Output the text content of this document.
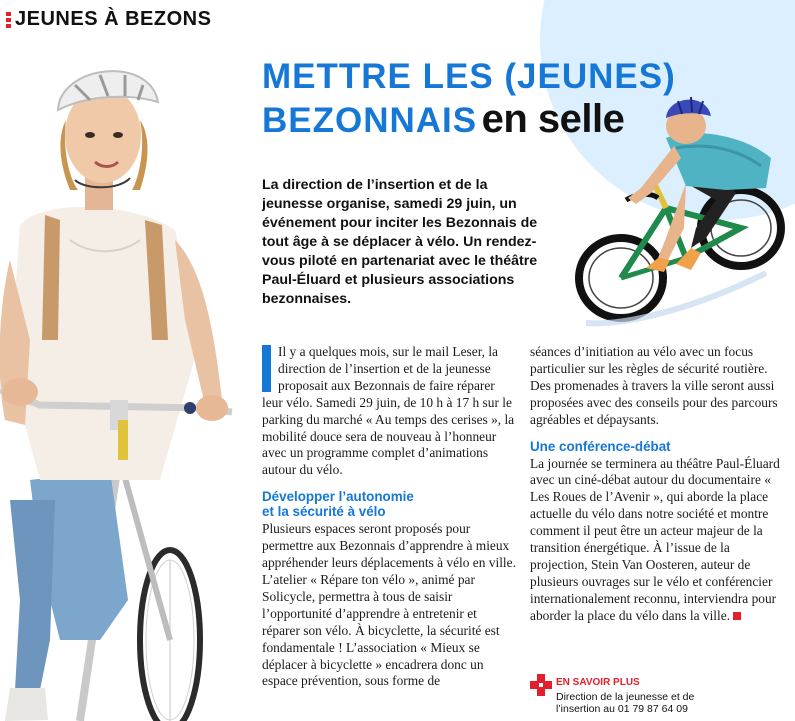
JEUNES À BEZONS
METTRE LES (JEUNES)
BEZONNAIS en selle
La direction de l’insertion et de la jeunesse organise, samedi 29 juin, un événement pour inciter les Bezonnais de tout âge à se déplacer à vélo. Un rendez-vous piloté en partenariat avec le théâtre Paul-Éluard et plusieurs associations bezonnaises.

Il y a quelques mois, sur le mail Leser, la direction de l’insertion et de la jeunesse proposait aux Bezonnais de faire réparer leur vélo. Samedi 29 juin, de 10 h à 17 h sur le parking du marché « Au temps des cerises », la mobilité douce sera de nouveau à l’honneur avec un programme complet d’animations autour du vélo.

Développer l’autonomie
et la sécurité à vélo

Plusieurs espaces seront proposés pour permettre aux Bezonnais d’apprendre à mieux appréhender leurs déplacements à vélo en ville. L’atelier « Répare ton vélo », animé par Solicycle, permettra à tous de saisir l’opportunité d’apprendre à entretenir et réparer son vélo. À bicyclette, la sécurité est fondamentale ! L’association « Mieux se déplacer à bicyclette » encadrera donc un espace prévention, sous forme de

séances d’initiation au vélo avec un focus particulier sur les règles de sécurité routière. Des promenades à travers la ville seront aussi proposées avec des conseils pour des parcours agréables et dépaysants.

Une conférence-débat

La journée se terminera au théâtre Paul-Éluard avec un ciné-débat autour du documentaire « Les Roues de l’Avenir », qui aborde la place actuelle du vélo dans notre société et montre comment il peut être un acteur majeur de la transition énergétique. À l’issue de la projection, Stein Van Oosteren, auteur de plusieurs ouvrages sur le vélo et conférencier internationalement reconnu, interviendra pour aborder la place du vélo dans la ville.

EN SAVOIR PLUS
Direction de la jeunesse et de l’insertion au 01 79 87 64 09
